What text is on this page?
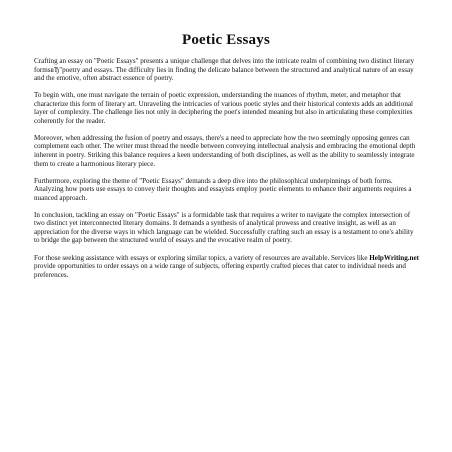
Poetic Essays

Crafting an essay on "Poetic Essays" presents a unique challenge that delves into the intricate realm of combining two distinct literary formsвЂ"poetry and essays. The difficulty lies in finding the delicate balance between the structured and analytical nature of an essay and the emotive, often abstract essence of poetry.

To begin with, one must navigate the terrain of poetic expression, understanding the nuances of rhythm, meter, and metaphor that characterize this form of literary art. Unraveling the intricacies of various poetic styles and their historical contexts adds an additional layer of complexity. The challenge lies not only in deciphering the poet's intended meaning but also in articulating these complexities coherently for the reader.

Moreover, when addressing the fusion of poetry and essays, there's a need to appreciate how the two seemingly opposing genres can complement each other. The writer must thread the needle between conveying intellectual analysis and embracing the emotional depth inherent in poetry. Striking this balance requires a keen understanding of both disciplines, as well as the ability to seamlessly integrate them to create a harmonious literary piece.

Furthermore, exploring the theme of "Poetic Essays" demands a deep dive into the philosophical underpinnings of both forms. Analyzing how poets use essays to convey their thoughts and essayists employ poetic elements to enhance their arguments requires a nuanced approach.

In conclusion, tackling an essay on "Poetic Essays" is a formidable task that requires a writer to navigate the complex intersection of two distinct yet interconnected literary domains. It demands a synthesis of analytical prowess and creative insight, as well as an appreciation for the diverse ways in which language can be wielded. Successfully crafting such an essay is a testament to one's ability to bridge the gap between the structured world of essays and the evocative realm of poetry.

For those seeking assistance with essays or exploring similar topics, a variety of resources are available. Services like HelpWriting.net provide opportunities to order essays on a wide range of subjects, offering expertly crafted pieces that cater to individual needs and preferences.
